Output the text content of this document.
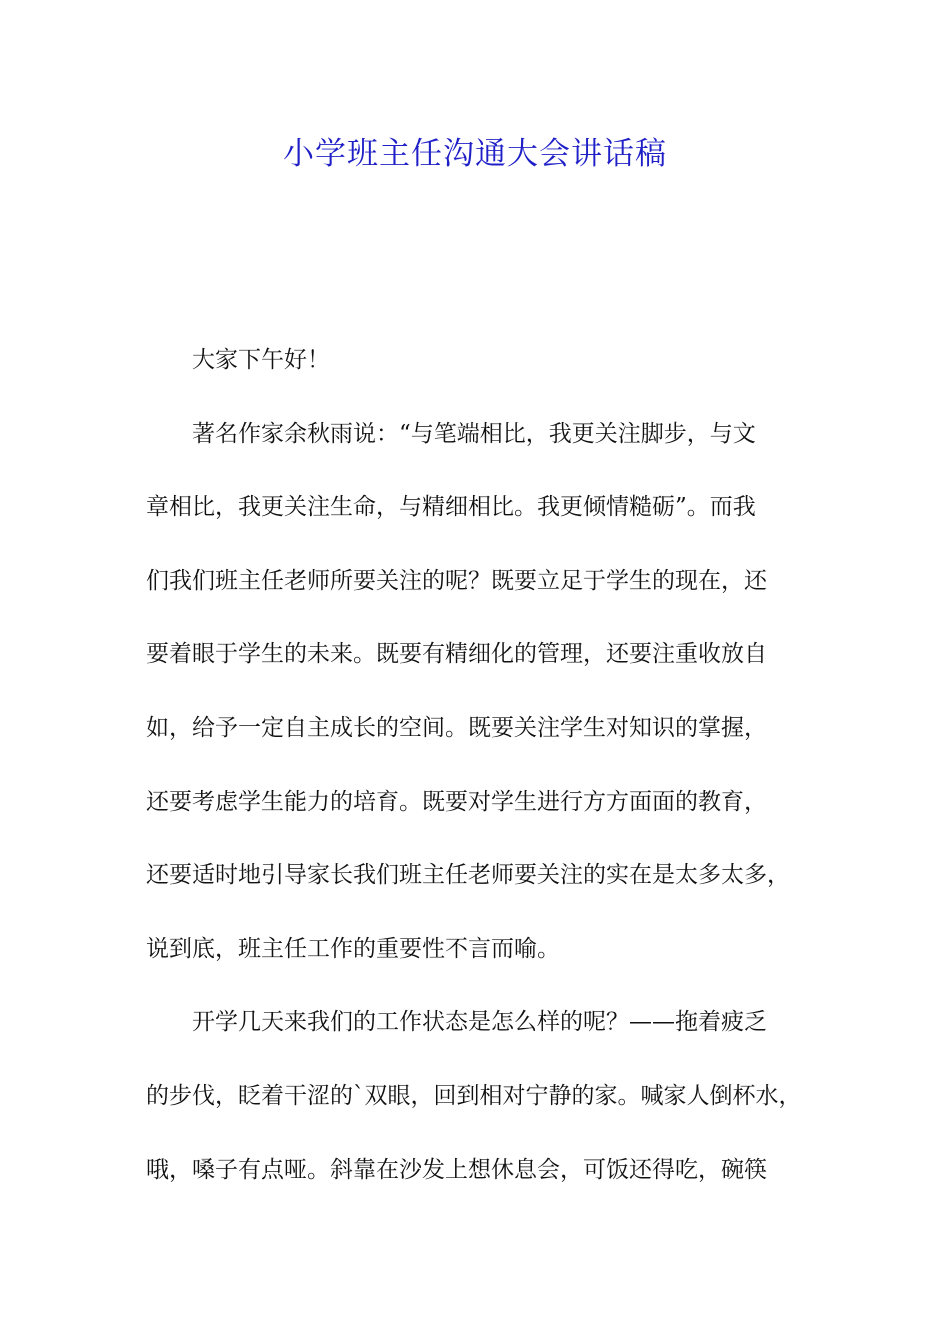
小学班主任沟通大会讲话稿
大家下午好！
著名作家余秋雨说：“与笔端相比，我更关注脚步，与文
章相比，我更关注生命，与精细相比。我更倾情糙砺”。而我
们我们班主任老师所要关注的呢？既要立足于学生的现在，还
要着眼于学生的未来。既要有精细化的管理，还要注重收放自
如，给予一定自主成长的空间。既要关注学生对知识的掌握，
还要考虑学生能力的培育。既要对学生进行方方面面的教育，
还要适时地引导家长我们班主任老师要关注的实在是太多太多，
说到底，班主任工作的重要性不言而喻。
开学几天来我们的工作状态是怎么样的呢？——拖着疲乏
的步伐，眨着干涩的`双眼，回到相对宁静的家。喊家人倒杯水，
哦，嗓子有点哑。斜靠在沙发上想休息会，可饭还得吃，碗筷
